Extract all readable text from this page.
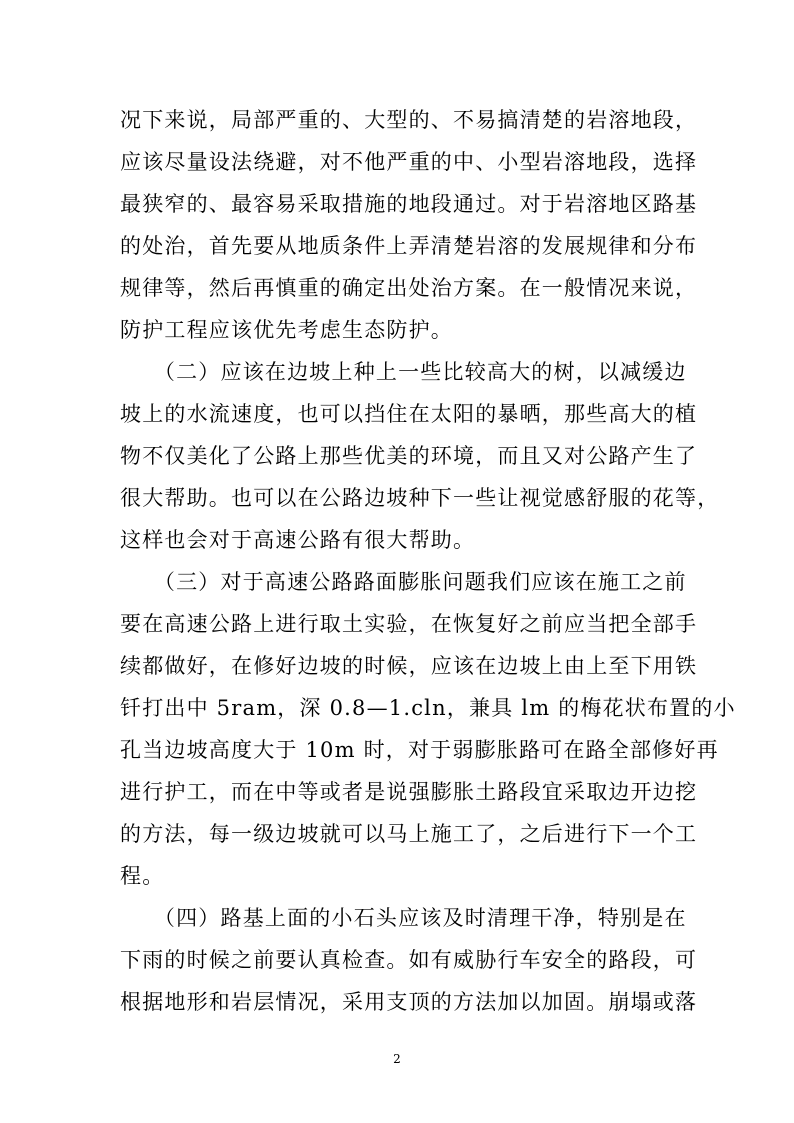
况下来说，局部严重的、大型的、不易搞清楚的岩溶地段，
应该尽量设法绕避，对不他严重的中、小型岩溶地段，选择
最狭窄的、最容易采取措施的地段通过。对于岩溶地区路基
的处治，首先要从地质条件上弄清楚岩溶的发展规律和分布
规律等，然后再慎重的确定出处治方案。在一般情况来说，
防护工程应该优先考虑生态防护。
　　（二）应该在边坡上种上一些比较高大的树，以减缓边
坡上的水流速度，也可以挡住在太阳的暴晒，那些高大的植
物不仅美化了公路上那些优美的环境，而且又对公路产生了
很大帮助。也可以在公路边坡种下一些让视觉感舒服的花等，
这样也会对于高速公路有很大帮助。
　　（三）对于高速公路路面膨胀问题我们应该在施工之前
要在高速公路上进行取土实验，在恢复好之前应当把全部手
续都做好，在修好边坡的时候，应该在边坡上由上至下用铁
钎打出中 5ram，深 0.8—1.cln，兼具 lm 的梅花状布置的小
孔当边坡高度大于 10m 时，对于弱膨胀路可在路全部修好再
进行护工，而在中等或者是说强膨胀土路段宜采取边开边挖
的方法，每一级边坡就可以马上施工了，之后进行下一个工
程。
　　（四）路基上面的小石头应该及时清理干净，特别是在
下雨的时候之前要认真检查。如有威胁行车安全的路段，可
根据地形和岩层情况，采用支顶的方法加以加固。崩塌或落
2
